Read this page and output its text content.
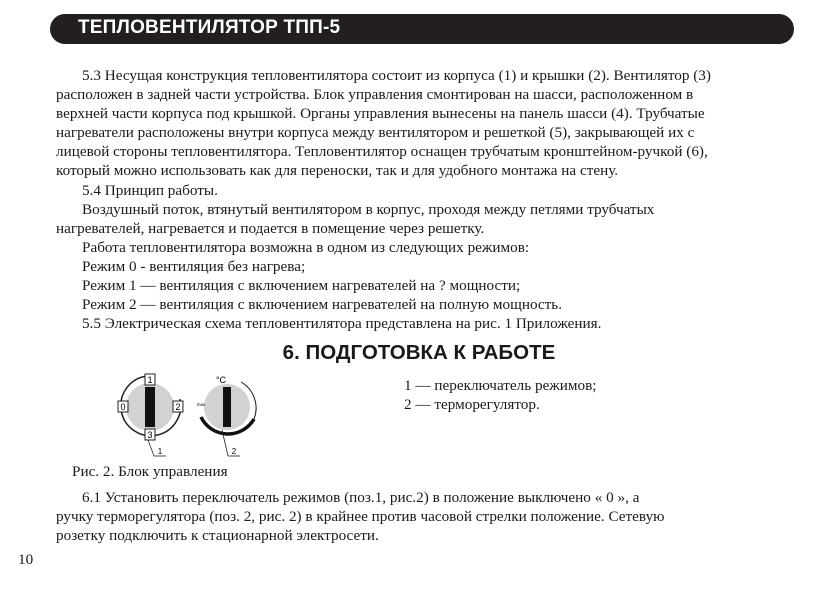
ТЕПЛОВЕНТИЛЯТОР ТПП-5

5.3 Несущая конструкция тепловентилятора состоит из корпуса (1) и крышки (2). Вентилятор (3)

расположен в задней части устройства. Блок управления смонтирован на шасси, расположенном в
верхней части корпуса под крышкой. Органы управления вынесены на панель шасси (4). Трубчатые
нагреватели расположены внутри корпуса между вентилятором и решеткой (5), закрывающей их с
лицевой стороны тепловентилятора. Тепловентилятор оснащен трубчатым кронштейном-ручкой (6),
который можно использовать как для переноски, так и для удобного монтажа на стену.

5.4 Принцип работы.

Воздушный поток, втянутый вентилятором в корпус, проходя между петлями трубчатых

нагревателей, нагревается и подается в помещение через решетку.

Работа тепловентилятора возможна в одном из следующих режимов:

Режим 0 - вентиляция без нагрева;

Режим 1 — вентиляция с включением нагревателей на ? мощности;

Режим 2 — вентиляция с включением нагревателей на полную мощность.

5.5 Электрическая схема тепловентилятора представлена на рис. 1 Приложения.

6. ПОДГОТОВКА К РАБОТЕ
1
2
3
0
°C
max
1	2
1 — переключатель режимов;
2 — терморегулятор.
Рис. 2. Блок управления
6.1 Установить переключатель режимов (поз.1, рис.2) в положение выключено « 0 », а
ручку терморегулятора (поз. 2, рис. 2) в крайнее против часовой стрелки положение. Сетевую
розетку подключить к стационарной электросети.
10
